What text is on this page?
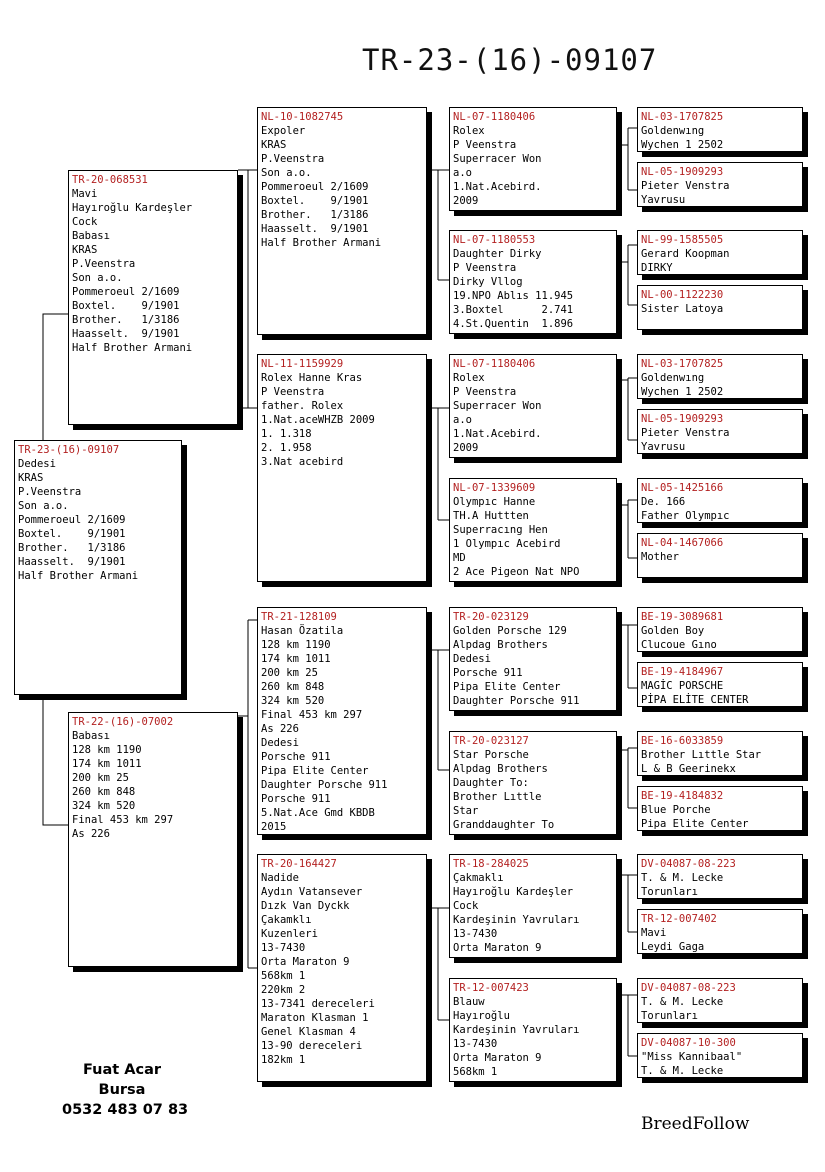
TR-23-(16)-09107
TR-23-(16)-09107
Dedesi
KRAS
P.Veenstra
Son a.o.
Pommeroeul 2/1609
Boxtel.    9/1901
Brother.   1/3186
Haasselt.  9/1901
Half Brother Armani
TR-20-068531
Mavi
Hayıroğlu Kardeşler
Cock
Babası
KRAS
P.Veenstra
Son a.o.
Pommeroeul 2/1609
Boxtel.    9/1901
Brother.   1/3186
Haasselt.  9/1901
Half Brother Armani
TR-22-(16)-07002
Babası
128 km 1190
174 km 1011
200 km 25
260 km 848
324 km 520
Final 453 km 297
As 226
NL-10-1082745
Expoler
KRAS
P.Veenstra
Son a.o.
Pommeroeul 2/1609
Boxtel.    9/1901
Brother.   1/3186
Haasselt.  9/1901
Half Brother Armani
NL-11-1159929
Rolex Hanne Kras
P Veenstra
father. Rolex
1.Nat.aceWHZB 2009
1. 1.318
2. 1.958
3.Nat acebird
TR-21-128109
Hasan Özatila
128 km 1190
174 km 1011
200 km 25
260 km 848
324 km 520
Final 453 km 297
As 226
Dedesi
Porsche 911
Pipa Elite Center
Daughter Porsche 911
Porsche 911
5.Nat.Ace Gmd KBDB
2015
TR-20-164427
Nadide
Aydın Vatansever
Dızk Van Dyckk
Çakamklı
Kuzenleri
13-7430
Orta Maraton 9
568km 1
220km 2
13-7341 dereceleri
Maraton Klasman 1
Genel Klasman 4
13-90 dereceleri
182km 1
NL-07-1180406
Rolex
P Veenstra
Superracer Won
a.o
1.Nat.Acebird.
2009
NL-07-1180553
Daughter Dirky
P Veenstra
Dirky Vllog
19.NPO Ablıs 11.945
3.Boxtel      2.741
4.St.Quentin  1.896
NL-07-1180406
Rolex
P Veenstra
Superracer Won
a.o
1.Nat.Acebird.
2009
NL-07-1339609
Olympıc Hanne
TH.A Huttten
Superracıng Hen
1 Olympıc Acebird
MD
2 Ace Pigeon Nat NPO
TR-20-023129
Golden Porsche 129
Alpdag Brothers
Dedesi
Porsche 911
Pipa Elite Center
Daughter Porsche 911
TR-20-023127
Star Porsche
Alpdag Brothers
Daughter To:
Brother Lıttle
Star
Granddaughter To
TR-18-284025
Çakmaklı
Hayıroğlu Kardeşler
Cock
Kardeşinin Yavruları
13-7430
Orta Maraton 9
TR-12-007423
Blauw
Hayıroğlu
Kardeşinin Yavruları
13-7430
Orta Maraton 9
568km 1
NL-03-1707825
Goldenwıng
Wychen 1 2502
NL-05-1909293
Pieter Venstra
Yavrusu
NL-99-1585505
Gerard Koopman
DIRKY
NL-00-1122230
Sister Latoya
NL-03-1707825
Goldenwıng
Wychen 1 2502
NL-05-1909293
Pieter Venstra
Yavrusu
NL-05-1425166
De. 166
Father Olympıc
NL-04-1467066
Mother
BE-19-3089681
Golden Boy
Clucoue Gıno
BE-19-4184967
MAGİC PORSCHE
PİPA ELİTE CENTER
BE-16-6033859
Brother Lıttle Star
L & B Geerinekx
BE-19-4184832
Blue Porche
Pipa Elite Center
DV-04087-08-223
T. & M. Lecke
Torunları
TR-12-007402
Mavi
Leydi Gaga
DV-04087-08-223
T. & M. Lecke
Torunları
DV-04087-10-300
"Miss Kannibaal"
T. & M. Lecke
Fuat Acar
Bursa
0532 483 07 83
BreedFollow
